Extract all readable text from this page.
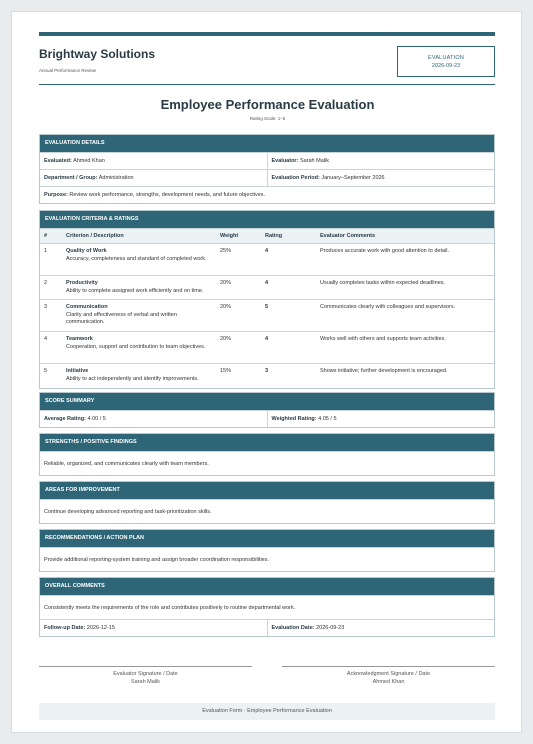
Brightway Solutions
Annual Performance Review
EVALUATION
2026-09-23
Employee Performance Evaluation
Rating Scale: 1–5
EVALUATION DETAILS
Evaluated: Ahmed Khan	Evaluator: Sarah Malik
Department / Group: Administration	Evaluation Period: January–September 2026
Purpose: Review work performance, strengths, development needs, and future objectives.
EVALUATION CRITERIA & RATINGS
#	Criterion / Description	Weight	Rating	Evaluator Comments
1	Quality of Work
Accuracy, completeness and standard of completed work.	25%	4	Produces accurate work with good attention to detail.
2	Productivity
Ability to complete assigned work efficiently and on time.	20%	4	Usually completes tasks within expected deadlines.
3	Communication
Clarity and effectiveness of verbal and written communication.	20%	5	Communicates clearly with colleagues and supervisors.
4	Teamwork
Cooperation, support and contribution to team objectives.	20%	4	Works well with others and supports team activities.
5	Initiative
Ability to act independently and identify improvements.	15%	3	Shows initiative; further development is encouraged.
SCORE SUMMARY
Average Rating: 4.00 / 5	Weighted Rating: 4.05 / 5
STRENGTHS / POSITIVE FINDINGS
Reliable, organized, and communicates clearly with team members.
AREAS FOR IMPROVEMENT
Continue developing advanced reporting and task-prioritization skills.
RECOMMENDATIONS / ACTION PLAN
Provide additional reporting-system training and assign broader coordination responsibilities.
OVERALL COMMENTS
Consistently meets the requirements of the role and contributes positively to routine departmental work.
Follow-up Date: 2026-12-15	Evaluation Date: 2026-09-23
Evaluator Signature / Date
Sarah Malik
Acknowledgment Signature / Date
Ahmed Khan
Evaluation Form · Employee Performance Evaluation
